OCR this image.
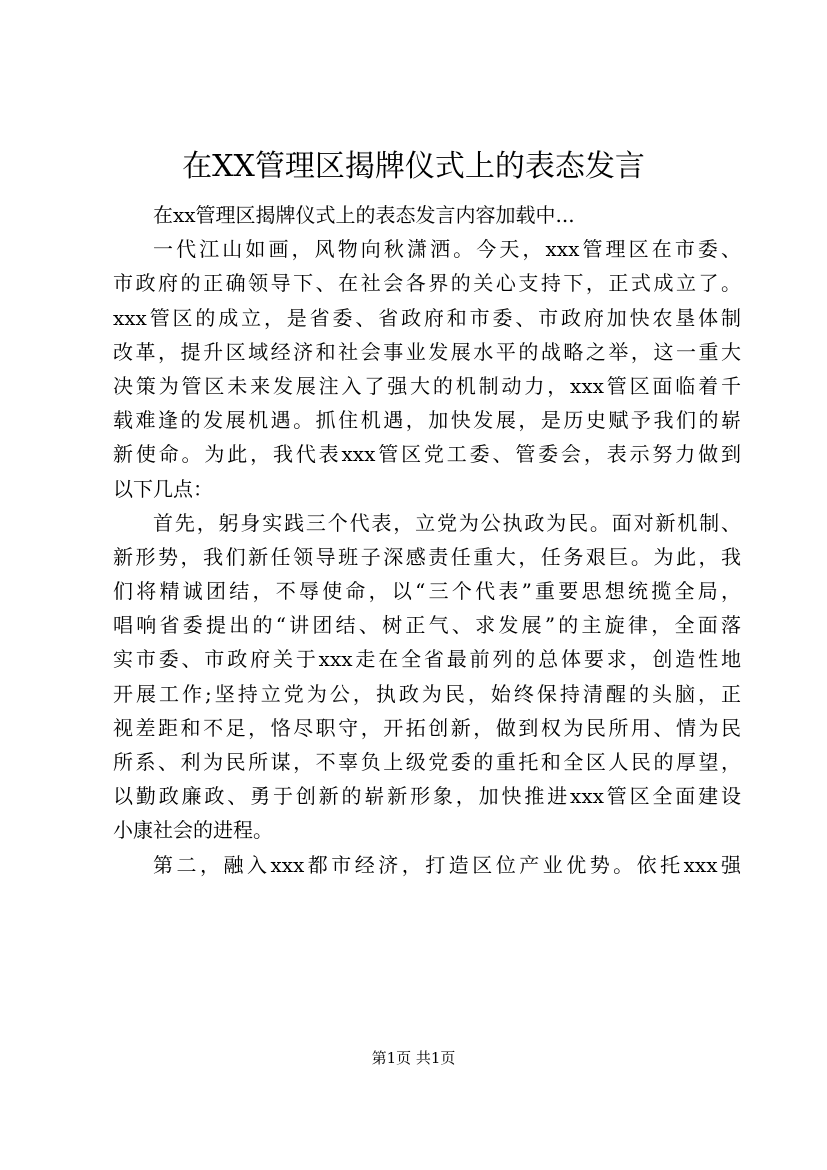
在XX管理区揭牌仪式上的表态发言
在xx管理区揭牌仪式上的表态发言内容加载中...
一代江山如画，风物向秋潇洒。今天，xxx管理区在市委、
市政府的正确领导下、在社会各界的关心支持下，正式成立了。
xxx管区的成立，是省委、省政府和市委、市政府加快农垦体制
改革，提升区域经济和社会事业发展水平的战略之举，这一重大
决策为管区未来发展注入了强大的机制动力，xxx管区面临着千
载难逢的发展机遇。抓住机遇，加快发展，是历史赋予我们的崭
新使命。为此，我代表xxx管区党工委、管委会，表示努力做到
以下几点：
首先，躬身实践三个代表，立党为公执政为民。面对新机制、
新形势，我们新任领导班子深感责任重大，任务艰巨。为此，我
们将精诚团结，不辱使命，以“三个代表”重要思想统揽全局，
唱响省委提出的“讲团结、树正气、求发展”的主旋律，全面落
实市委、市政府关于xxx走在全省最前列的总体要求，创造性地
开展工作;坚持立党为公，执政为民，始终保持清醒的头脑，正
视差距和不足，恪尽职守，开拓创新，做到权为民所用、情为民
所系、利为民所谋，不辜负上级党委的重托和全区人民的厚望，
以勤政廉政、勇于创新的崭新形象，加快推进xxx管区全面建设
小康社会的进程。
第二，融入xxx都市经济，打造区位产业优势。依托xxx强
第1页 共1页
